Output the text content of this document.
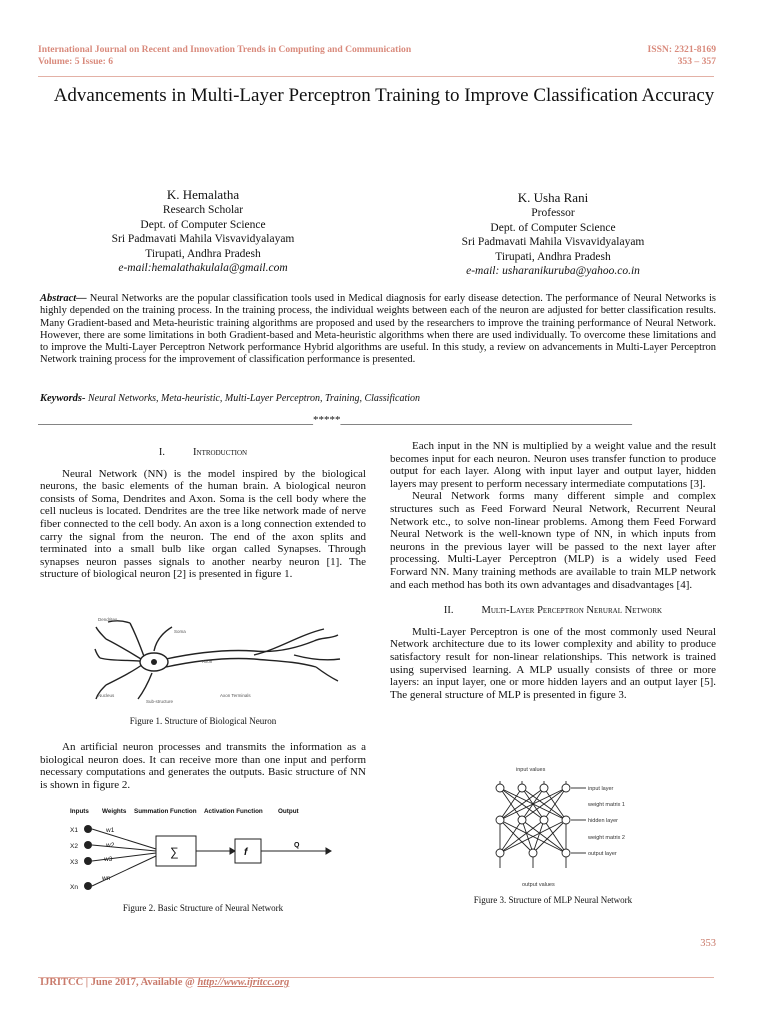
International Journal on Recent and Innovation Trends in Computing and Communication
Volume: 5 Issue: 6
ISSN: 2321-8169
353 – 357
Advancements in Multi-Layer Perceptron Training to Improve Classification Accuracy
K. Hemalatha
Research Scholar
Dept. of Computer Science
Sri Padmavati Mahila Visvavidyalayam
Tirupati, Andhra Pradesh
e-mail:hemalathakulala@gmail.com
K. Usha Rani
Professor
Dept. of Computer Science
Sri Padmavati Mahila Visvavidyalayam
Tirupati, Andhra Pradesh
e-mail: usharanikuruba@yahoo.co.in
Abstract— Neural Networks are the popular classification tools used in Medical diagnosis for early disease detection. The performance of Neural Networks is highly depended on the training process. In the training process, the individual weights between each of the neuron are adjusted for better classification results. Many Gradient-based and Meta-heuristic training algorithms are proposed and used by the researchers to improve the training performance of Neural Network. However, there are some limitations in both Gradient-based and Meta-heuristic algorithms when there are used individually. To overcome these limitations and to improve the Multi-Layer Perceptron Network performance Hybrid algorithms are useful. In this study, a review on advancements in Multi-Layer Perceptron Network training process for the improvement of classification performance is presented.
Keywords- Neural Networks, Meta-heuristic, Multi-Layer Perceptron, Training, Classification
__________________________________________________*****_____________________________________________________
I.	Introduction

Neural Network (NN) is the model inspired by the biological neurons, the basic elements of the human brain. A biological neuron consists of Soma, Dendrites and Axon. Soma is the cell body where the cell nucleus is located. Dendrites are the tree like network made of nerve fiber connected to the cell body. An axon is a long connection extended to carry the signal from the neuron. The end of the axon splits and terminated into a small bulb like organ called Synapses. Through synapses neuron passes signals to another nearby neuron [1]. The structure of biological neuron [2] is presented in figure 1.

Dendrites
Soma
Axon
Nucleus
Sub-structure
Axon Terminals
Figure 1. Structure of Biological Neuron

An artificial neuron processes and transmits the information as a biological neuron does. It can receive more than one input and perform necessary computations and generates the outputs. Basic structure of NN is shown in figure 2.

Inputs Weights Summation Function Activation Function Output
X1
X2
X3
Xn
w1
w2
w3
wn
∑	f
Q
Figure 2. Basic Structure of Neural Network

Each input in the NN is multiplied by a weight value and the result becomes input for each neuron. Neuron uses transfer function to produce output for each layer. Along with input layer and output layer, hidden layers may present to perform necessary intermediate computations [3].

Neural Network forms many different simple and complex structures such as Feed Forward Neural Network, Recurrent Neural Network etc., to solve non-linear problems. Among them Feed Forward Neural Network is the well-known type of NN, in which inputs from neurons in the previous layer will be passed to the next layer after processing. Multi-Layer Perceptron (MLP) is a widely used Feed Forward NN. Many training methods are available to train MLP network and each method has both its own advantages and disadvantages [4].

II.	Multi-Layer Perceptron Nerural Network

Multi-Layer Perceptron is one of the most commonly used Neural Network architecture due to its lower complexity and ability to produce satisfactory result for non-linear relationships. This network is trained using supervised learning. A MLP usually consists of three or more layers: an input layer, one or more hidden layers and an output layer [5]. The general structure of MLP is presented in figure 3.

input values
input layer
weight matrix 1
hidden layer
weight matrix 2
output layer
output values
Figure 3. Structure of MLP Neural Network
353
IJRITCC | June 2017, Available @ http://www.ijritcc.org
